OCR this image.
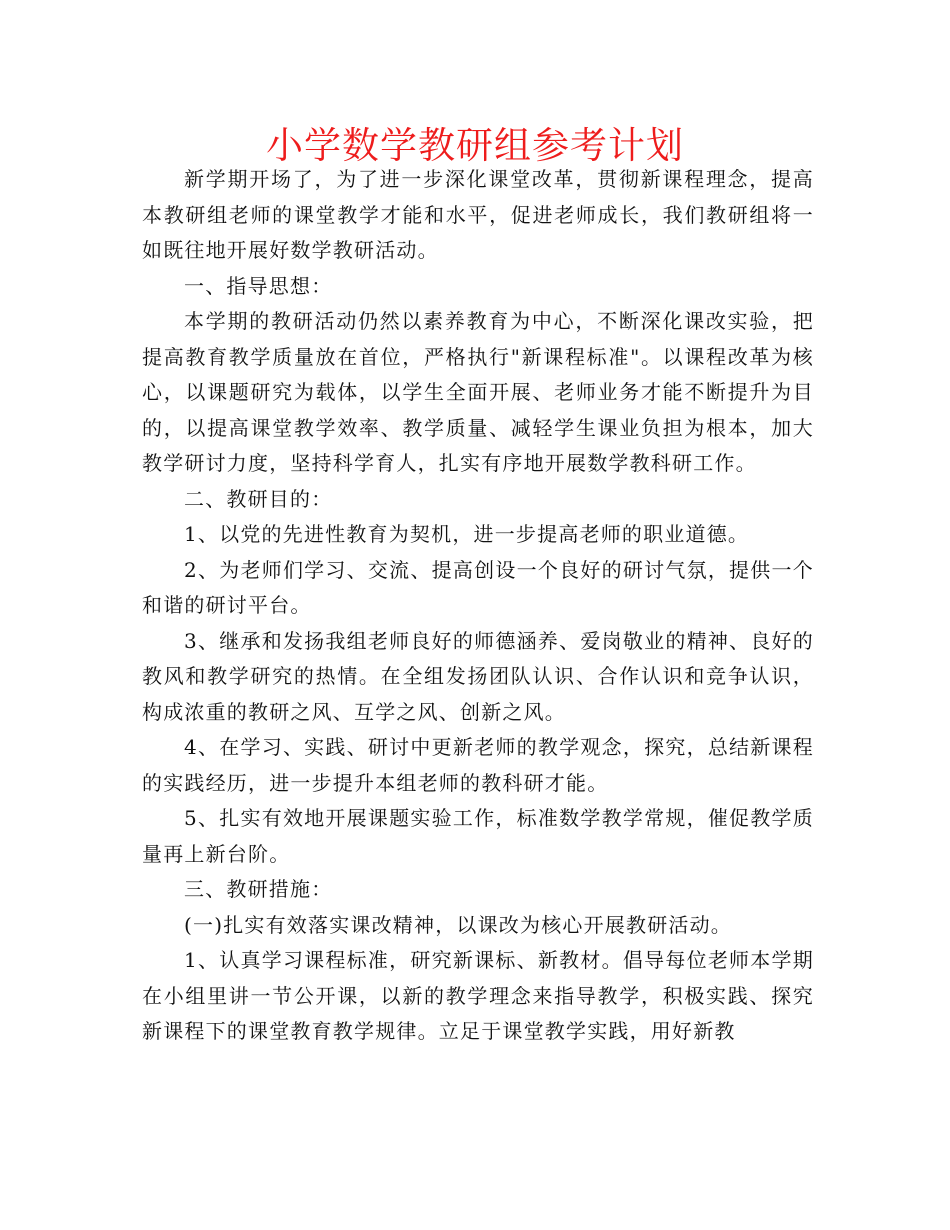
小学数学教研组参考计划

新学期开场了，为了进一步深化课堂改革，贯彻新课程理念，提高本教研组老师的课堂教学才能和水平，促进老师成长，我们教研组将一如既往地开展好数学教研活动。

一、指导思想：

本学期的教研活动仍然以素养教育为中心，不断深化课改实验，把提高教育教学质量放在首位，严格执行"新课程标准"。以课程改革为核心，以课题研究为载体，以学生全面开展、老师业务才能不断提升为目的，以提高课堂教学效率、教学质量、减轻学生课业负担为根本，加大教学研讨力度，坚持科学育人，扎实有序地开展数学教科研工作。

二、教研目的：

1、以党的先进性教育为契机，进一步提高老师的职业道德。

2、为老师们学习、交流、提高创设一个良好的研讨气氛，提供一个和谐的研讨平台。

3、继承和发扬我组老师良好的师德涵养、爱岗敬业的精神、良好的教风和教学研究的热情。在全组发扬团队认识、合作认识和竞争认识，构成浓重的教研之风、互学之风、创新之风。

4、在学习、实践、研讨中更新老师的教学观念，探究，总结新课程的实践经历，进一步提升本组老师的教科研才能。

5、扎实有效地开展课题实验工作，标准数学教学常规，催促教学质量再上新台阶。

三、教研措施：

(一)扎实有效落实课改精神，以课改为核心开展教研活动。

1、认真学习课程标准，研究新课标、新教材。倡导每位老师本学期在小组里讲一节公开课，以新的教学理念来指导教学，积极实践、探究新课程下的课堂教育教学规律。立足于课堂教学实践，用好新教
